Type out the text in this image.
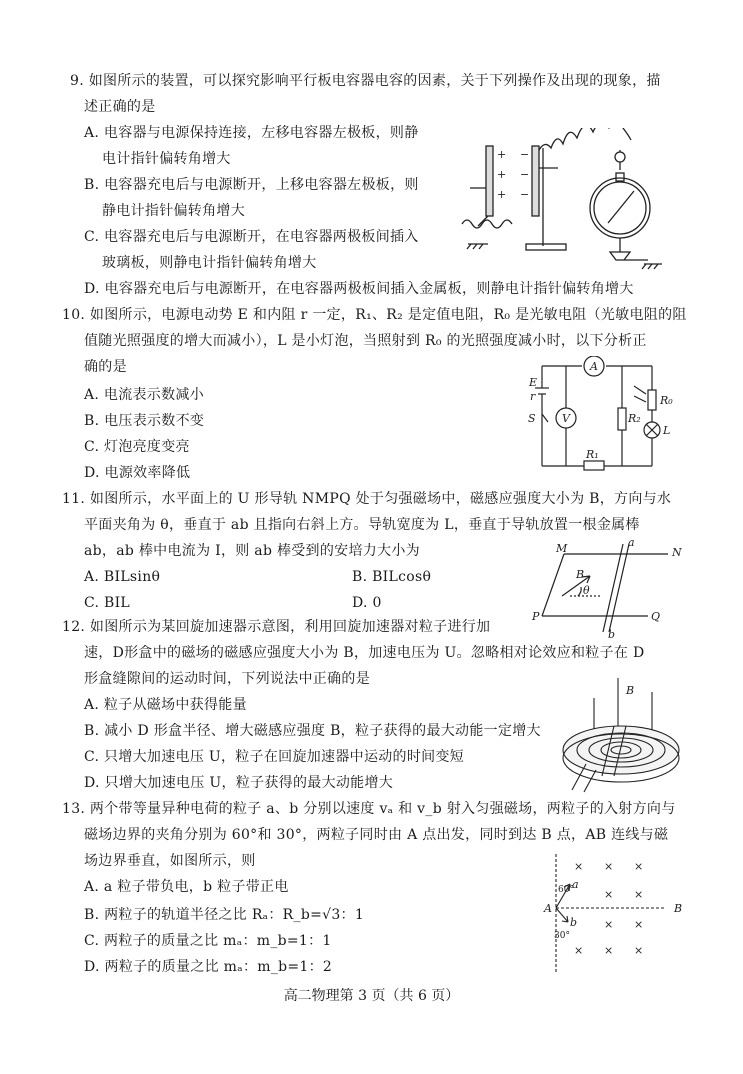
9. 如图所示的装置，可以探究影响平行板电容器电容的因素，关于下列操作及出现的现象，描
述正确的是
A. 电容器与电源保持连接，左移电容器左极板，则静
电计指针偏转角增大
B. 电容器充电后与电源断开，上移电容器左极板，则
静电计指针偏转角增大
C. 电容器充电后与电源断开，在电容器两极板间插入
玻璃板，则静电计指针偏转角增大
D. 电容器充电后与电源断开，在电容器两极板间插入金属板，则静电计指针偏转角增大
+
+
+
−
−
−
10. 如图所示，电源电动势 E 和内阻 r 一定，R₁、R₂ 是定值电阻，R₀ 是光敏电阻（光敏电阻的阻
值随光照强度的增大而减小），L 是小灯泡，当照射到 R₀ 的光照强度减小时，以下分析正
确的是
A. 电流表示数减小
B. 电压表示数不变
C. 灯泡亮度变亮
D. 电源效率降低
E
r
S
A
V
R₁
R₂
R₀
L
11. 如图所示，水平面上的 U 形导轨 NMPQ 处于匀强磁场中，磁感应强度大小为 B，方向与水
平面夹角为 θ，垂直于 ab 且指向右斜上方。导轨宽度为 L，垂直于导轨放置一根金属棒
ab，ab 棒中电流为 I，则 ab 棒受到的安培力大小为
A. BILsinθ	B. BILcosθ
C. BIL	D. 0
M	N
P	Q
a
b
B
θ
12. 如图所示为某回旋加速器示意图，利用回旋加速器对粒子进行加
速，D形盒中的磁场的磁感应强度大小为 B，加速电压为 U。忽略相对论效应和粒子在 D
形盒缝隙间的运动时间，下列说法中正确的是
A. 粒子从磁场中获得能量
B. 减小 D 形盒半径、增大磁感应强度 B，粒子获得的最大动能一定增大
C. 只增大加速电压 U，粒子在回旋加速器中运动的时间变短
D. 只增大加速电压 U，粒子获得的最大动能增大
B
13. 两个带等量异种电荷的粒子 a、b 分别以速度 vₐ 和 v_b 射入匀强磁场，两粒子的入射方向与
磁场边界的夹角分别为 60°和 30°，两粒子同时由 A 点出发，同时到达 B 点，AB 连线与磁
场边界垂直，如图所示，则
A. a 粒子带负电，b 粒子带正电
B. 两粒子的轨道半径之比 Rₐ：R_b=√3：1
C. 两粒子的质量之比 mₐ：m_b=1：1
D. 两粒子的质量之比 mₐ：m_b=1：2
A	B
a
b
60°
30°
× × ×
× ×
× ×
× × ×
高二物理第 3 页（共 6 页）
